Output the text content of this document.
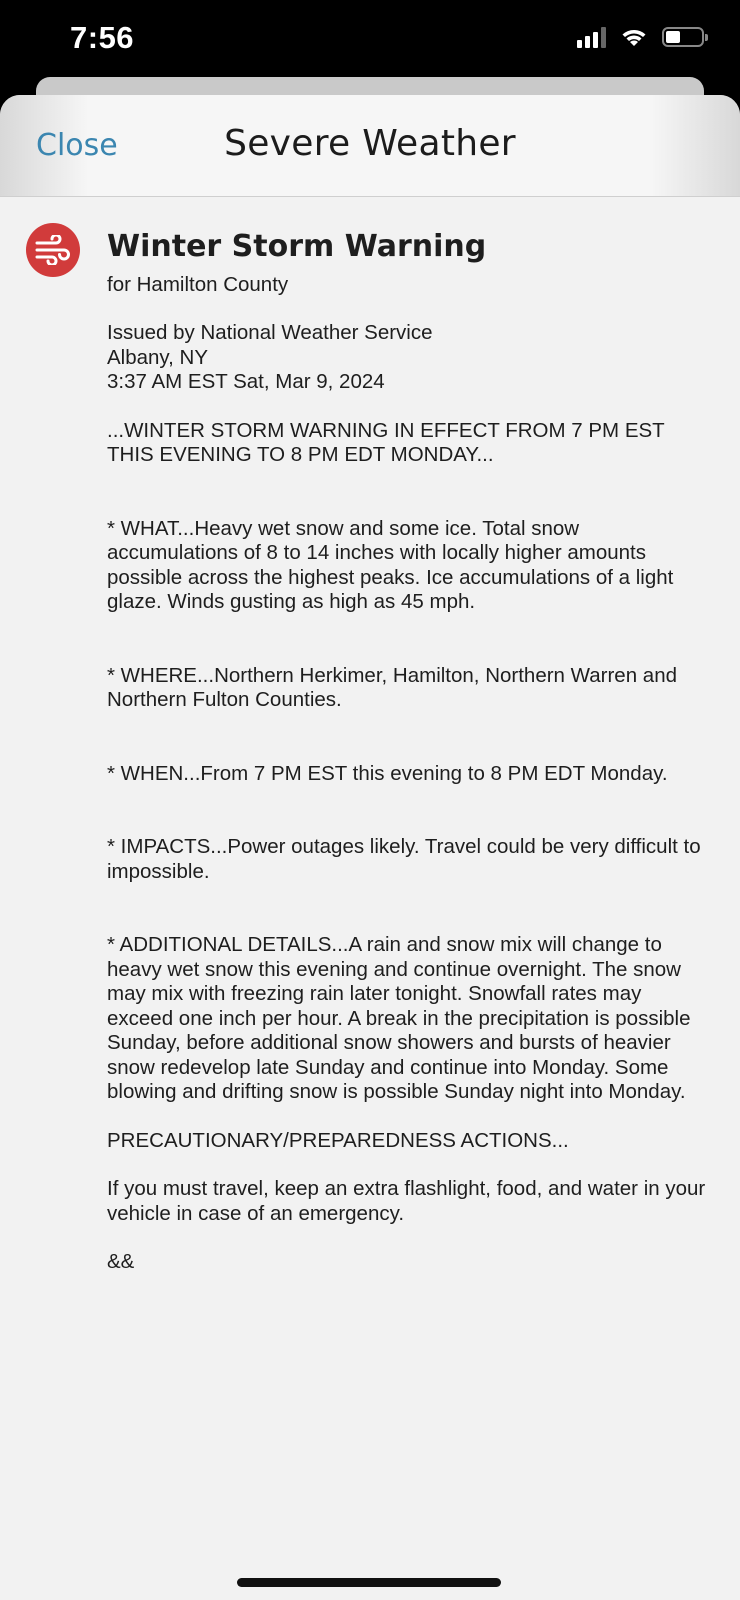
7:56
Close	Severe Weather
Winter Storm Warning
for Hamilton County
Issued by National Weather Service
Albany, NY
3:37 AM EST Sat, Mar 9, 2024

...WINTER STORM WARNING IN EFFECT FROM 7 PM EST THIS EVENING TO 8 PM EDT MONDAY...

* WHAT...Heavy wet snow and some ice. Total snow accumulations of 8 to 14 inches with locally higher amounts possible across the highest peaks. Ice accumulations of a light glaze. Winds gusting as high as 45 mph.

* WHERE...Northern Herkimer, Hamilton, Northern Warren and Northern Fulton Counties.

* WHEN...From 7 PM EST this evening to 8 PM EDT Monday.

* IMPACTS...Power outages likely. Travel could be very difficult to impossible.

* ADDITIONAL DETAILS...A rain and snow mix will change to heavy wet snow this evening and continue overnight. The snow may mix with freezing rain later tonight. Snowfall rates may exceed one inch per hour. A break in the precipitation is possible Sunday, before additional snow showers and bursts of heavier snow redevelop late Sunday and continue into Monday. Some blowing and drifting snow is possible Sunday night into Monday.

PRECAUTIONARY/PREPAREDNESS ACTIONS...

If you must travel, keep an extra flashlight, food, and water in your vehicle in case of an emergency.

&&
